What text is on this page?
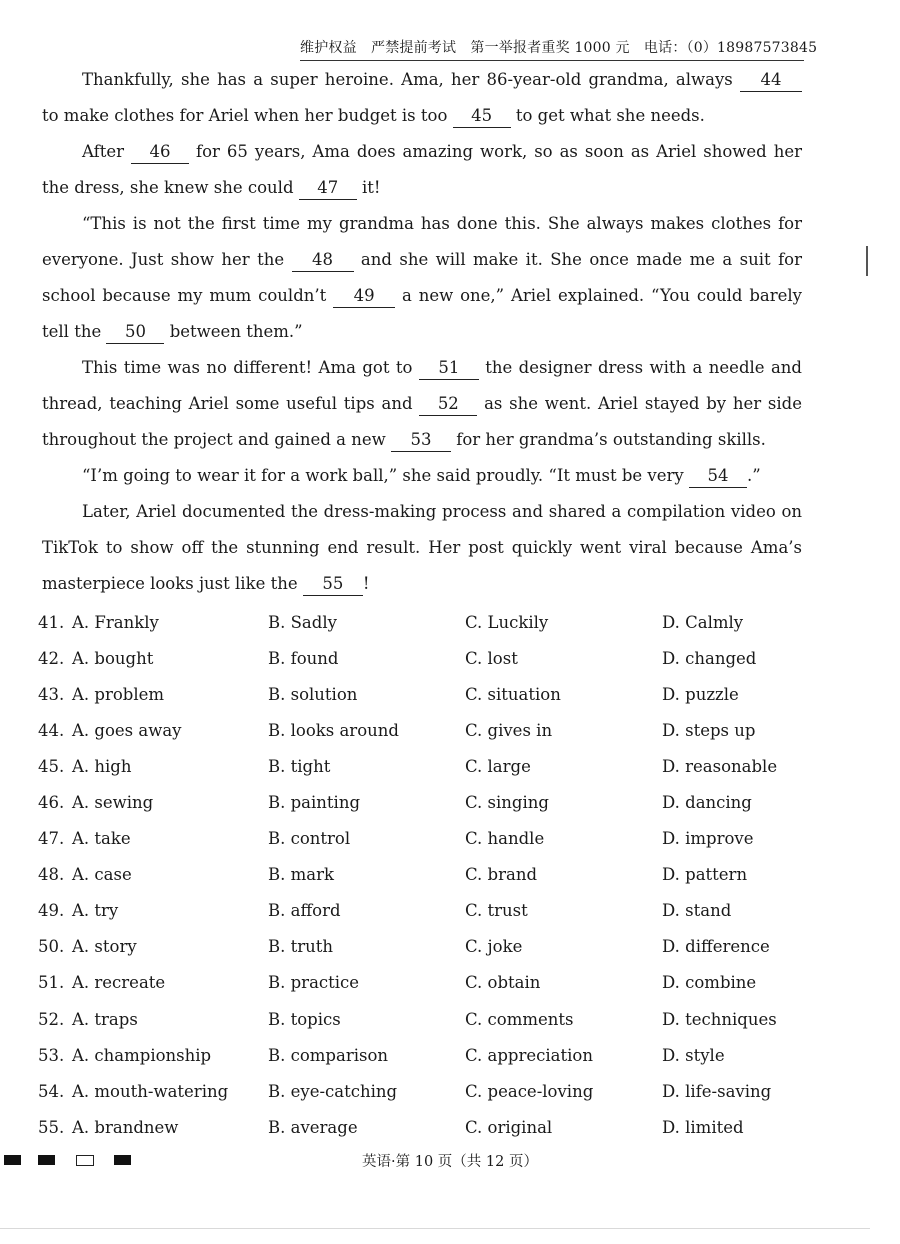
维护权益　严禁提前考试　第一举报者重奖 1000 元　电话：（0）18987573845

Thankfully, she has a super heroine. Ama, her 86-year-old grandma, always 44 to make clothes for Ariel when her budget is too 45 to get what she needs.

After 46 for 65 years, Ama does amazing work, so as soon as Ariel showed her the dress, she knew she could 47 it!

“This is not the first time my grandma has done this. She always makes clothes for everyone. Just show her the 48 and she will make it. She once made me a suit for school because my mum couldn’t 49 a new one,” Ariel explained. “You could barely tell the 50 between them.”

This time was no different! Ama got to 51 the designer dress with a needle and thread, teaching Ariel some useful tips and 52 as she went. Ariel stayed by her side throughout the project and gained a new 53 for her grandma’s outstanding skills.

“I’m going to wear it for a work ball,” she said proudly. “It must be very 54 .”

Later, Ariel documented the dress-making process and shared a compilation video on TikTok to show off the stunning end result. Her post quickly went viral because Ama’s masterpiece looks just like the 55 !

41. A. Frankly	B. Sadly	C. Luckily	D. Calmly
42. A. bought	B. found	C. lost	D. changed
43. A. problem	B. solution	C. situation	D. puzzle
44. A. goes away	B. looks around	C. gives in	D. steps up
45. A. high	B. tight	C. large	D. reasonable
46. A. sewing	B. painting	C. singing	D. dancing
47. A. take	B. control	C. handle	D. improve
48. A. case	B. mark	C. brand	D. pattern
49. A. try	B. afford	C. trust	D. stand
50. A. story	B. truth	C. joke	D. difference
51. A. recreate	B. practice	C. obtain	D. combine
52. A. traps	B. topics	C. comments	D. techniques
53. A. championship	B. comparison	C. appreciation	D. style
54. A. mouth-watering	B. eye-catching	C. peace-loving	D. life-saving
55. A. brandnew	B. average	C. original	D. limited
英语·第 10 页（共 12 页）
